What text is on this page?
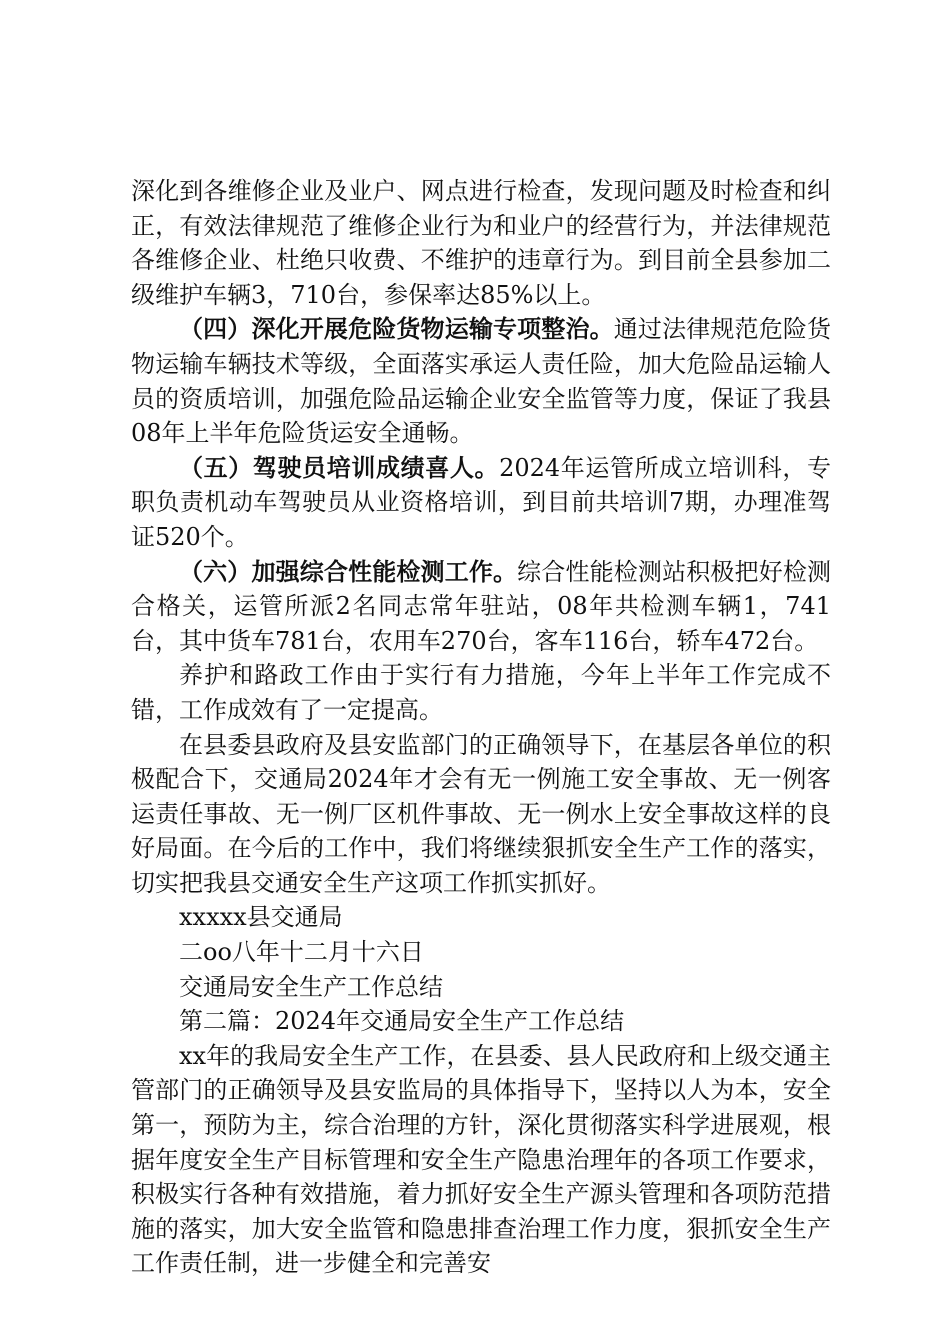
深化到各维修企业及业户、网点进行检查，发现问题及时检查和纠正，有效法律规范了维修企业行为和业户的经营行为，并法律规范各维修企业、杜绝只收费、不维护的违章行为。到目前全县参加二级维护车辆3，710台，参保率达85%以上。

（四）深化开展危险货物运输专项整治。通过法律规范危险货物运输车辆技术等级，全面落实承运人责任险，加大危险品运输人员的资质培训，加强危险品运输企业安全监管等力度，保证了我县08年上半年危险货运安全通畅。

（五）驾驶员培训成绩喜人。2024年运管所成立培训科，专职负责机动车驾驶员从业资格培训，到目前共培训7期，办理准驾证520个。

（六）加强综合性能检测工作。综合性能检测站积极把好检测合格关，运管所派2名同志常年驻站，08年共检测车辆1，741台，其中货车781台，农用车270台，客车116台，轿车472台。

养护和路政工作由于实行有力措施，今年上半年工作完成不错，工作成效有了一定提高。

在县委县政府及县安监部门的正确领导下，在基层各单位的积极配合下，交通局2024年才会有无一例施工安全事故、无一例客运责任事故、无一例厂区机件事故、无一例水上安全事故这样的良好局面。在今后的工作中，我们将继续狠抓安全生产工作的落实，切实把我县交通安全生产这项工作抓实抓好。

xxxxx县交通局

二oo八年十二月十六日

交通局安全生产工作总结

第二篇：2024年交通局安全生产工作总结

xx年的我局安全生产工作，在县委、县人民政府和上级交通主管部门的正确领导及县安监局的具体指导下，坚持以人为本，安全第一，预防为主，综合治理的方针，深化贯彻落实科学进展观，根据年度安全生产目标管理和安全生产隐患治理年的各项工作要求，积极实行各种有效措施，着力抓好安全生产源头管理和各项防范措施的落实，加大安全监管和隐患排查治理工作力度，狠抓安全生产工作责任制，进一步健全和完善安
